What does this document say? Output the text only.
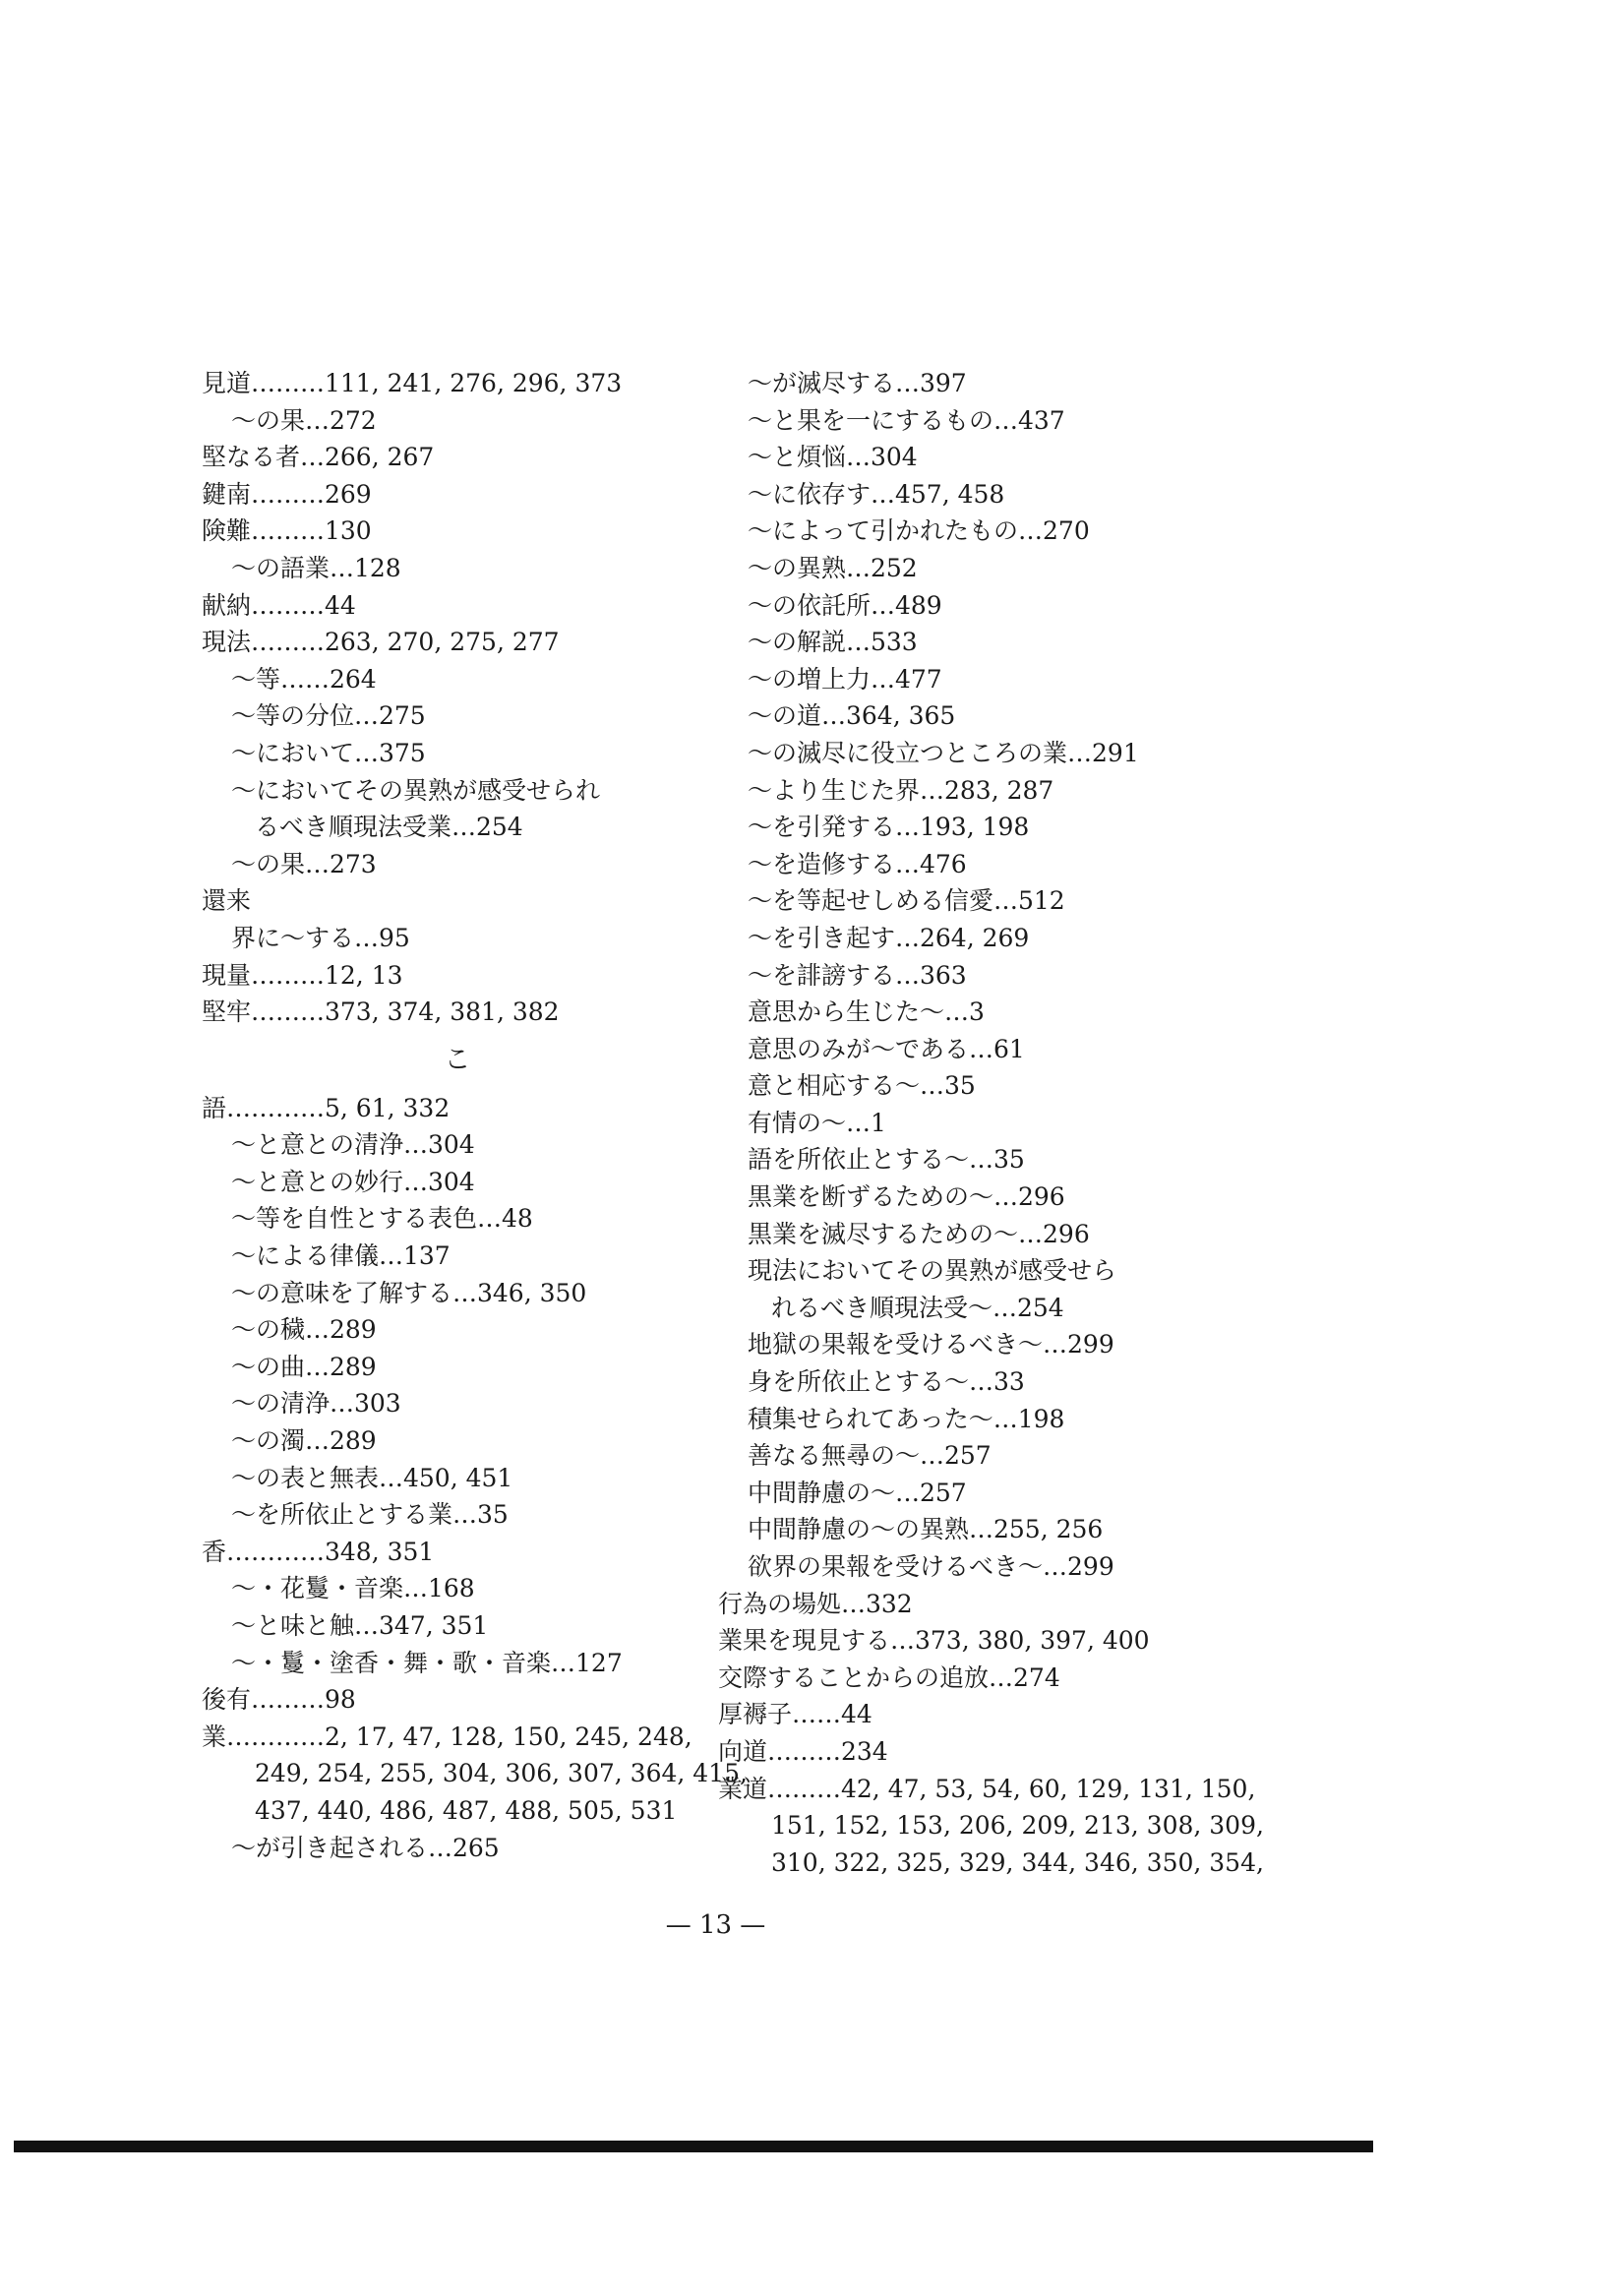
見道………111, 241, 276, 296, 373
～の果…272
堅なる者…266, 267
鍵南………269
険難………130
～の語業…128
献納………44
現法………263, 270, 275, 277
～等……264
～等の分位…275
～において…375
～においてその異熟が感受せられ
るべき順現法受業…254
～の果…273
還来
界に～する…95
現量………12, 13
堅牢………373, 374, 381, 382
こ
語…………5, 61, 332
～と意との清浄…304
～と意との妙行…304
～等を自性とする表色…48
～による律儀…137
～の意味を了解する…346, 350
～の穢…289
～の曲…289
～の清浄…303
～の濁…289
～の表と無表…450, 451
～を所依止とする業…35
香…………348, 351
～・花鬘・音楽…168
～と味と触…347, 351
～・鬘・塗香・舞・歌・音楽…127
後有………98
業…………2, 17, 47, 128, 150, 245, 248,
249, 254, 255, 304, 306, 307, 364, 415,
437, 440, 486, 487, 488, 505, 531
～が引き起される…265
～が滅尽する…397
～と果を一にするもの…437
～と煩悩…304
～に依存す…457, 458
～によって引かれたもの…270
～の異熟…252
～の依託所…489
～の解説…533
～の増上力…477
～の道…364, 365
～の滅尽に役立つところの業…291
～より生じた界…283, 287
～を引発する…193, 198
～を造修する…476
～を等起せしめる信愛…512
～を引き起す…264, 269
～を誹謗する…363
意思から生じた～…3
意思のみが～である…61
意と相応する～…35
有情の～…1
語を所依止とする～…35
黒業を断ずるための～…296
黒業を滅尽するための～…296
現法においてその異熟が感受せら
れるべき順現法受～…254
地獄の果報を受けるべき～…299
身を所依止とする～…33
積集せられてあった～…198
善なる無尋の～…257
中間静慮の～…257
中間静慮の～の異熟…255, 256
欲界の果報を受けるべき～…299
行為の場処…332
業果を現見する…373, 380, 397, 400
交際することからの追放…274
厚褥子……44
向道………234
業道………42, 47, 53, 54, 60, 129, 131, 150,
151, 152, 153, 206, 209, 213, 308, 309,
310, 322, 325, 329, 344, 346, 350, 354,
— 13 —
